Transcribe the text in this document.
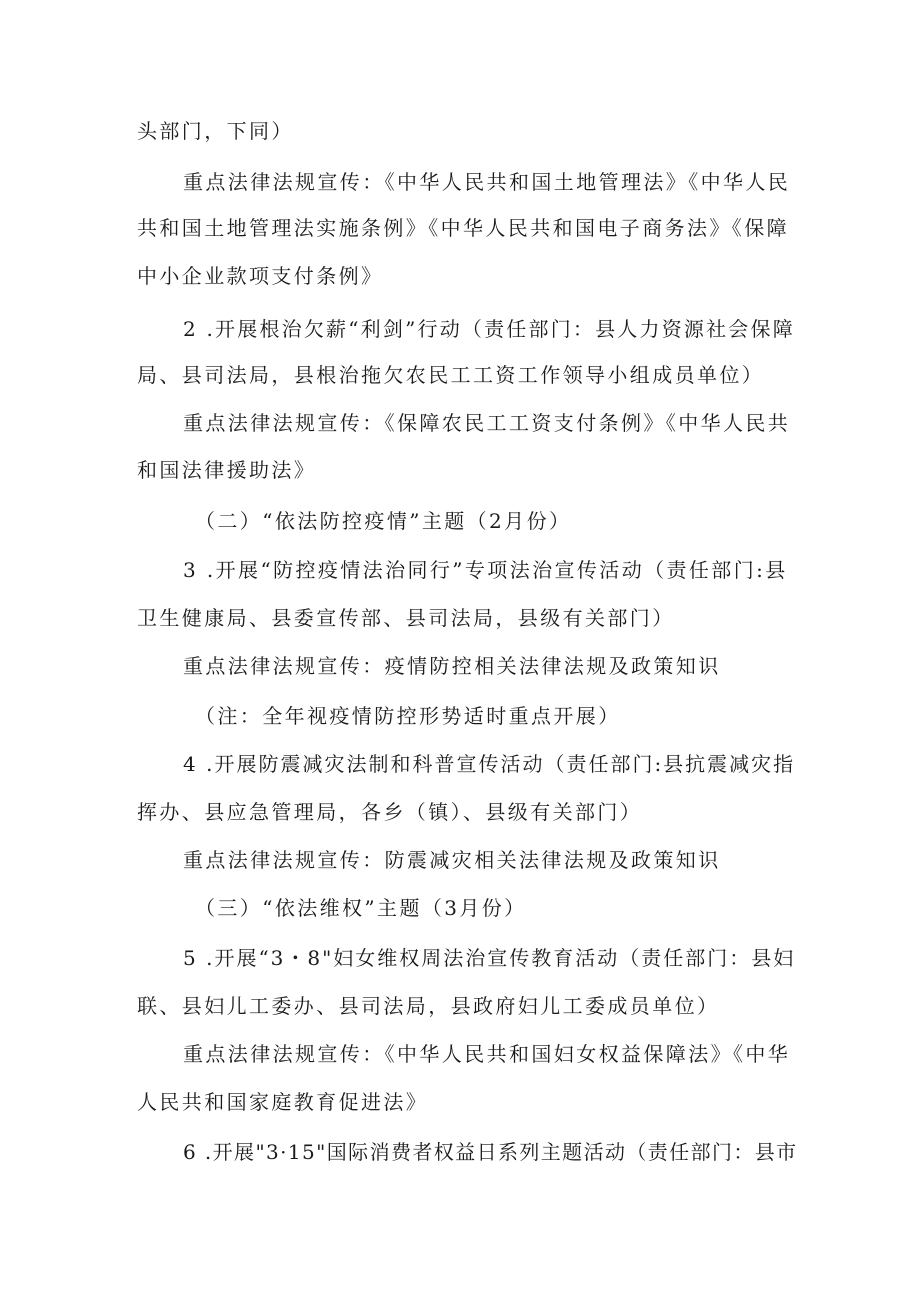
头部门，下同）

重点法律法规宣传：《中华人民共和国土地管理法》《中华人民

共和国土地管理法实施条例》《中华人民共和国电子商务法》《保障

中小企业款项支付条例》

2 .开展根治欠薪“利剑”行动（责任部门：县人力资源社会保障

局、县司法局，县根治拖欠农民工工资工作领导小组成员单位）

重点法律法规宣传：《保障农民工工资支付条例》《中华人民共

和国法律援助法》

（二）“依法防控疫情”主题（2月份）

3 .开展“防控疫情法治同行”专项法治宣传活动（责任部门:县

卫生健康局、县委宣传部、县司法局，县级有关部门）

重点法律法规宣传：疫情防控相关法律法规及政策知识

（注：全年视疫情防控形势适时重点开展）

4 .开展防震减灾法制和科普宣传活动（责任部门:县抗震减灾指

挥办、县应急管理局，各乡（镇）、县级有关部门）

重点法律法规宣传：防震减灾相关法律法规及政策知识

（三）“依法维权”主题（3月份）

5 .开展“3・8"妇女维权周法治宣传教育活动（责任部门：县妇

联、县妇儿工委办、县司法局，县政府妇儿工委成员单位）

重点法律法规宣传：《中华人民共和国妇女权益保障法》《中华

人民共和国家庭教育促进法》

6 .开展"3·15"国际消费者权益日系列主题活动（责任部门：县市
